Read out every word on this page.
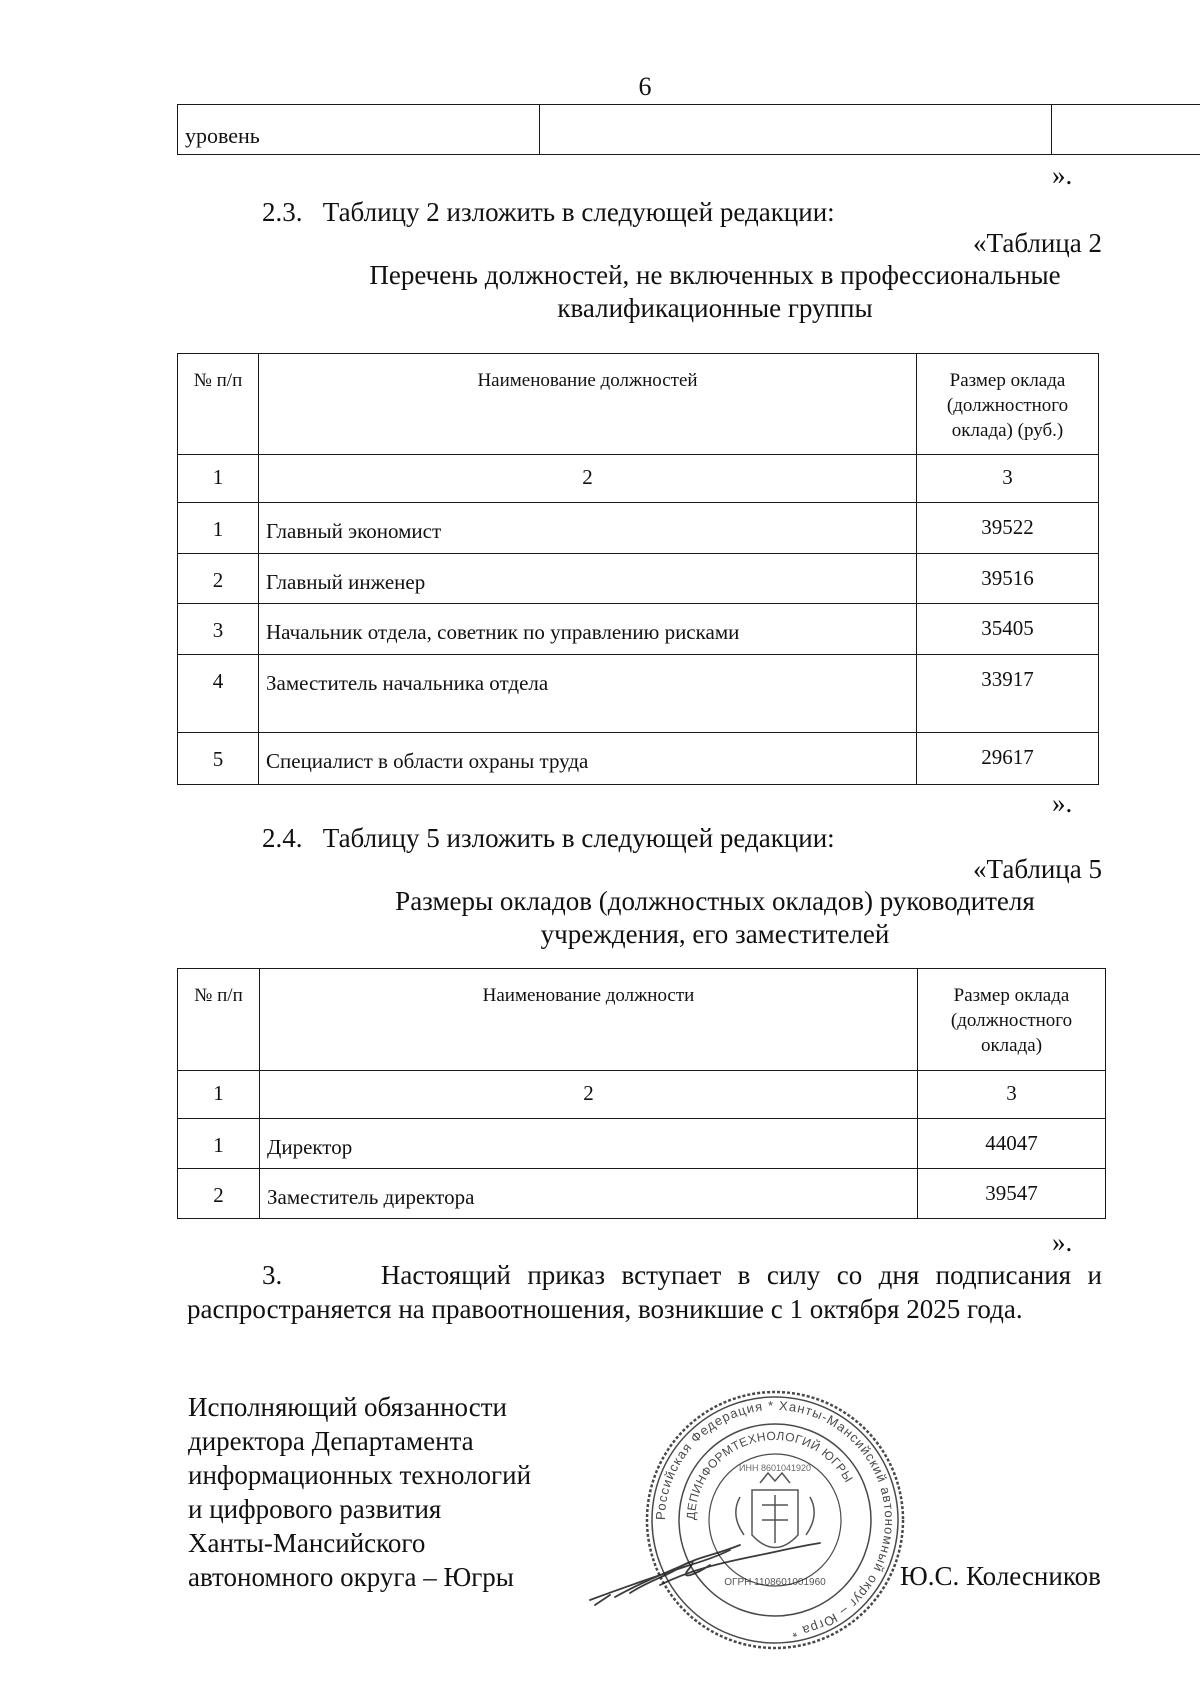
6
уровень		
».
2.3.   Таблицу 2 изложить в следующей редакции:
«Таблица 2
Перечень должностей, не включенных в профессиональные
квалификационные группы
№ п/п	Наименование должностей	Размер оклада (должностного оклада) (руб.)
1	2	3
1	Главный экономист	39522
2	Главный инженер	39516
3	Начальник отдела, советник по управлению рисками	35405
4	Заместитель начальника отдела	33917
5	Специалист в области охраны труда	29617
».
2.4.   Таблицу 5 изложить в следующей редакции:
«Таблица 5
Размеры окладов (должностных окладов) руководителя
учреждения, его заместителей
№ п/п	Наименование должности	Размер оклада (должностного оклада)
1	2	3
1	Директор	44047
2	Заместитель директора	39547
».
3.      Настоящий приказ вступает в силу со дня подписания и
распространяется на правоотношения, возникшие с 1 октября 2025 года.
Исполняющий обязанности
директора Департамента
информационных технологий
и цифрового развития
Ханты-Мансийского
автономного округа – Югры
Российская Федерация * Ханты-Мансийский автономный округ – Югра *
ДЕПИНФОРМТЕХНОЛОГИЙ ЮГРЫ
ОГРН 1108601001960
ИНН 8601041920
Ю.С. Колесников
